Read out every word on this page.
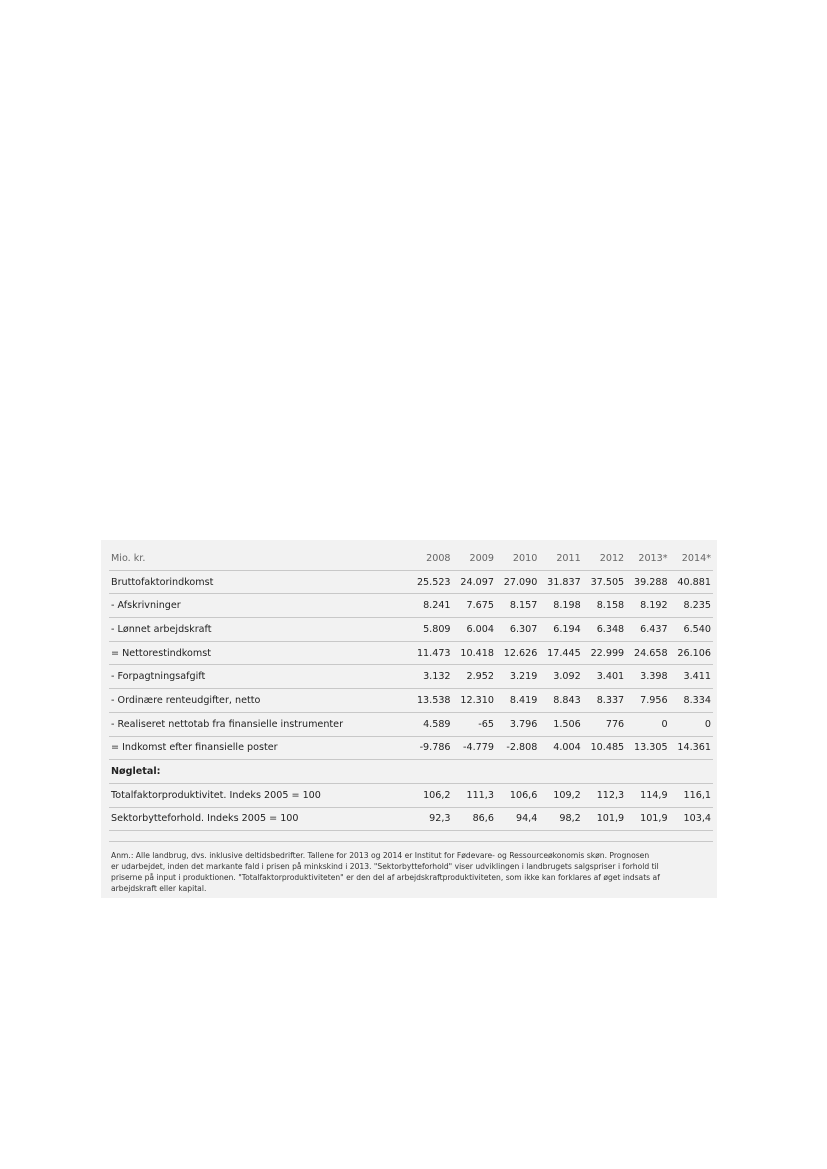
Mio. kr.	2008	2009	2010	2011	2012	2013*	2014*
Bruttofaktorindkomst	25.523	24.097	27.090	31.837	37.505	39.288	40.881
- Afskrivninger	8.241	7.675	8.157	8.198	8.158	8.192	8.235
- Lønnet arbejdskraft	5.809	6.004	6.307	6.194	6.348	6.437	6.540
= Nettorestindkomst	11.473	10.418	12.626	17.445	22.999	24.658	26.106
- Forpagtningsafgift	3.132	2.952	3.219	3.092	3.401	3.398	3.411
- Ordinære renteudgifter, netto	13.538	12.310	8.419	8.843	8.337	7.956	8.334
- Realiseret nettotab fra finansielle instrumenter	4.589	-65	3.796	1.506	776	0	0
= Indkomst efter finansielle poster	-9.786	-4.779	-2.808	4.004	10.485	13.305	14.361
Nøgletal:							
Totalfaktorproduktivitet. Indeks 2005 = 100	106,2	111,3	106,6	109,2	112,3	114,9	116,1
Sektorbytteforhold. Indeks 2005 = 100	92,3	86,6	94,4	98,2	101,9	101,9	103,4
Anm.: Alle landbrug, dvs. inklusive deltidsbedrifter. Tallene for 2013 og 2014 er Institut for Fødevare- og Ressourceøkonomis skøn. Prognosen
er udarbejdet, inden det markante fald i prisen på minkskind i 2013. "Sektorbytteforhold" viser udviklingen i landbrugets salgspriser i forhold til
priserne på input i produktionen. "Totalfaktorproduktiviteten" er den del af arbejdskraftproduktiviteten, som ikke kan forklares af øget indsats af
arbejdskraft eller kapital.
